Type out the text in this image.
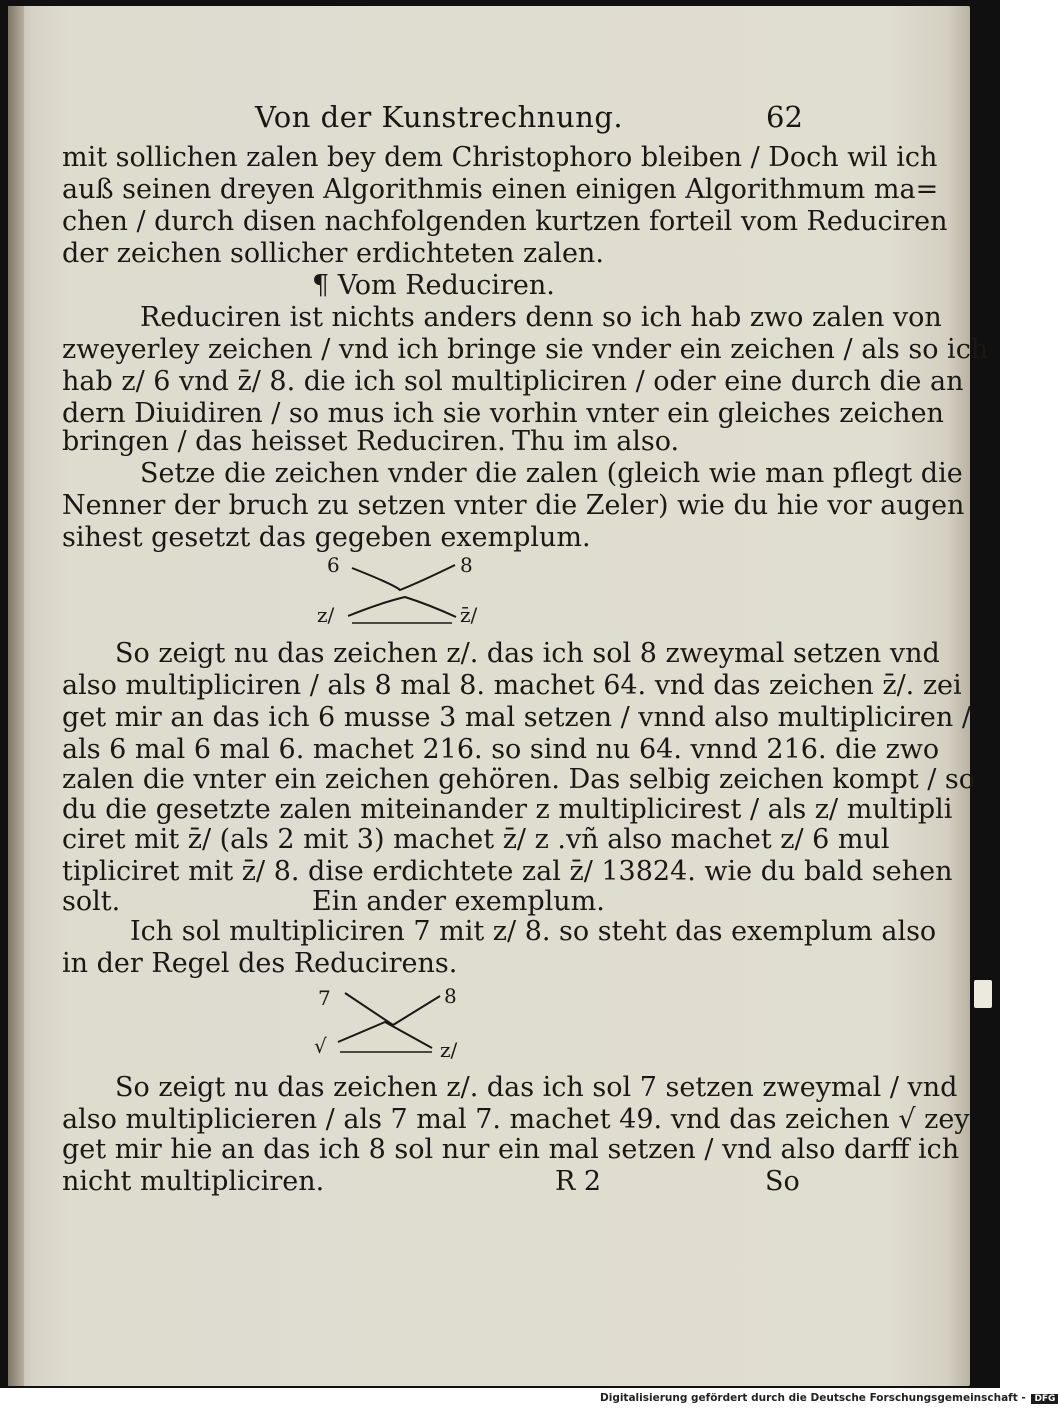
Von der Kunstrechnung.	62
mit sollichen zalen bey dem Christophoro bleiben / Doch wil ich
auß seinen dreyen Algorithmis einen einigen Algorithmum ma=
chen / durch disen nachfolgenden kurtzen forteil vom Reduciren
der zeichen sollicher erdichteten zalen.
¶ Vom Reduciren.
Reduciren ist nichts anders denn so ich hab zwo zalen von
zweyerley zeichen / vnd ich bringe sie vnder ein zeichen / als so ich
hab z/ 6 vnd z̄/ 8. die ich sol multipliciren / oder eine durch die an
dern Diuidiren / so mus ich sie vorhin vnter ein gleiches zeichen
bringen / das heisset Reduciren. Thu im also.
Setze die zeichen vnder die zalen (gleich wie man pflegt die
Nenner der bruch zu setzen vnter die Zeler) wie du hie vor augen
sihest gesetzt das gegeben exemplum.
6	8
z/	z̄/
So zeigt nu das zeichen z/. das ich sol 8 zweymal setzen vnd
also multipliciren / als 8 mal 8. machet 64. vnd das zeichen z̄/. zei
get mir an das ich 6 musse 3 mal setzen / vnnd also multipliciren /
als 6 mal 6 mal 6. machet 216. so sind nu 64. vnnd 216. die zwo
zalen die vnter ein zeichen gehören. Das selbig zeichen kompt / so
du die gesetzte zalen miteinander z multiplicirest / als z/ multipli
ciret mit z̄/ (als 2 mit 3) machet z̄/ z .vñ also machet z/ 6 mul
tipliciret mit z̄/ 8. dise erdichtete zal z̄/ 13824. wie du bald sehen
solt.	Ein ander exemplum.
Ich sol multipliciren 7 mit z/ 8. so steht das exemplum also
in der Regel des Reducirens.
7	8
√	z/
So zeigt nu das zeichen z/. das ich sol 7 setzen zweymal / vnd
also multiplicieren / als 7 mal 7. machet 49. vnd das zeichen √ zey
get mir hie an das ich 8 sol nur ein mal setzen / vnd also darff ich
nicht multipliciren.	R 2	So
Digitalisierung gefördert durch die Deutsche Forschungsgemeinschaft - DFG
